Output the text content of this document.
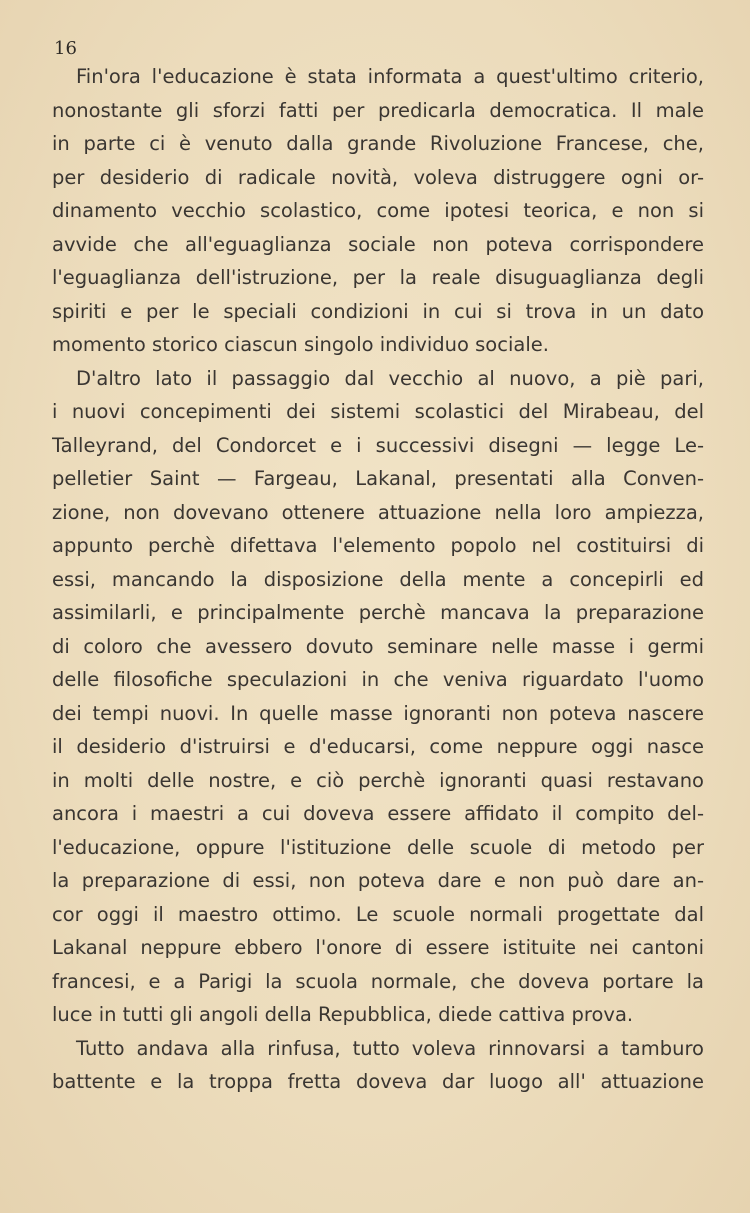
16

Fin'ora l'educazione è stata informata a quest'ultimo criterio,
nonostante gli sforzi fatti per predicarla democratica. Il male
in parte ci è venuto dalla grande Rivoluzione Francese, che,
per desiderio di radicale novità, voleva distruggere ogni or-
dinamento vecchio scolastico, come ipotesi teorica, e non si
avvide che all'eguaglianza sociale non poteva corrispondere
l'eguaglianza dell'istruzione, per la reale disuguaglianza degli
spiriti e per le speciali condizioni in cui si trova in un dato
momento storico ciascun singolo individuo sociale.
D'altro lato il passaggio dal vecchio al nuovo, a piè pari,
i nuovi concepimenti dei sistemi scolastici del Mirabeau, del
Talleyrand, del Condorcet e i successivi disegni — legge Le-
pelletier Saint — Fargeau, Lakanal, presentati alla Conven-
zione, non dovevano ottenere attuazione nella loro ampiezza,
appunto perchè difettava l'elemento popolo nel costituirsi di
essi, mancando la disposizione della mente a concepirli ed
assimilarli, e principalmente perchè mancava la preparazione
di coloro che avessero dovuto seminare nelle masse i germi
delle filosofiche speculazioni in che veniva riguardato l'uomo
dei tempi nuovi. In quelle masse ignoranti non poteva nascere
il desiderio d'istruirsi e d'educarsi, come neppure oggi nasce
in molti delle nostre, e ciò perchè ignoranti quasi restavano
ancora i maestri a cui doveva essere affidato il compito del-
l'educazione, oppure l'istituzione delle scuole di metodo per
la preparazione di essi, non poteva dare e non può dare an-
cor oggi il maestro ottimo. Le scuole normali progettate dal
Lakanal neppure ebbero l'onore di essere istituite nei cantoni
francesi, e a Parigi la scuola normale, che doveva portare la
luce in tutti gli angoli della Repubblica, diede cattiva prova.
Tutto andava alla rinfusa, tutto voleva rinnovarsi a tamburo
battente e la troppa fretta doveva dar luogo all' attuazione
